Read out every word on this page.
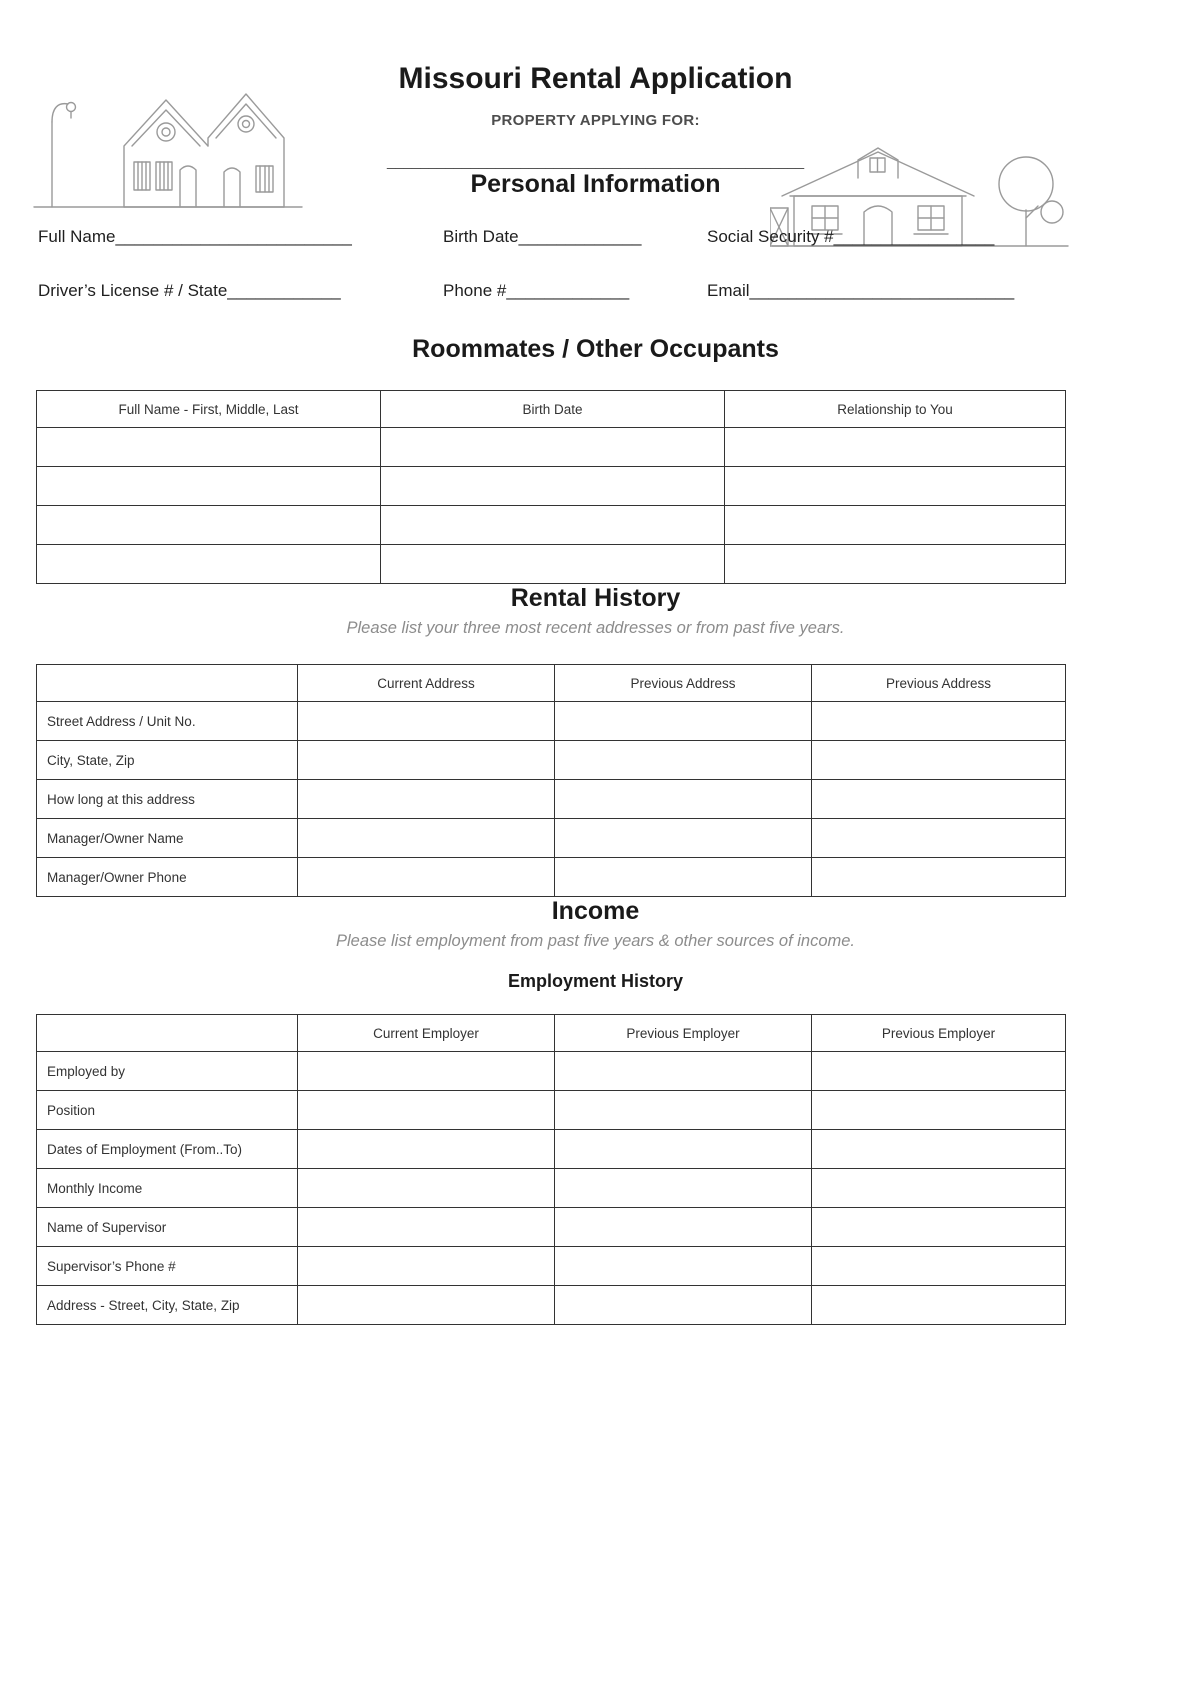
Missouri Rental Application
PROPERTY APPLYING FOR:
__________________________________________________
Personal Information
Full Name_________________________	Birth Date_____________	Social Security #_________________
Driver’s License # / State____________	Phone #_____________	Email____________________________
Roommates / Other Occupants
Full Name - First, Middle, Last	Birth Date	Relationship to You

Rental History
Please list your three most recent addresses or from past five years.
	Current Address	Previous Address	Previous Address
Street Address / Unit No.			
City, State, Zip			
How long at this address			
Manager/Owner Name			
Manager/Owner Phone			
Income
Please list employment from past five years & other sources of income.
Employment History
	Current Employer	Previous Employer	Previous Employer
Employed by			
Position			
Dates of Employment (From..To)			
Monthly Income			
Name of Supervisor			
Supervisor’s Phone #			
Address - Street, City, State, Zip			
